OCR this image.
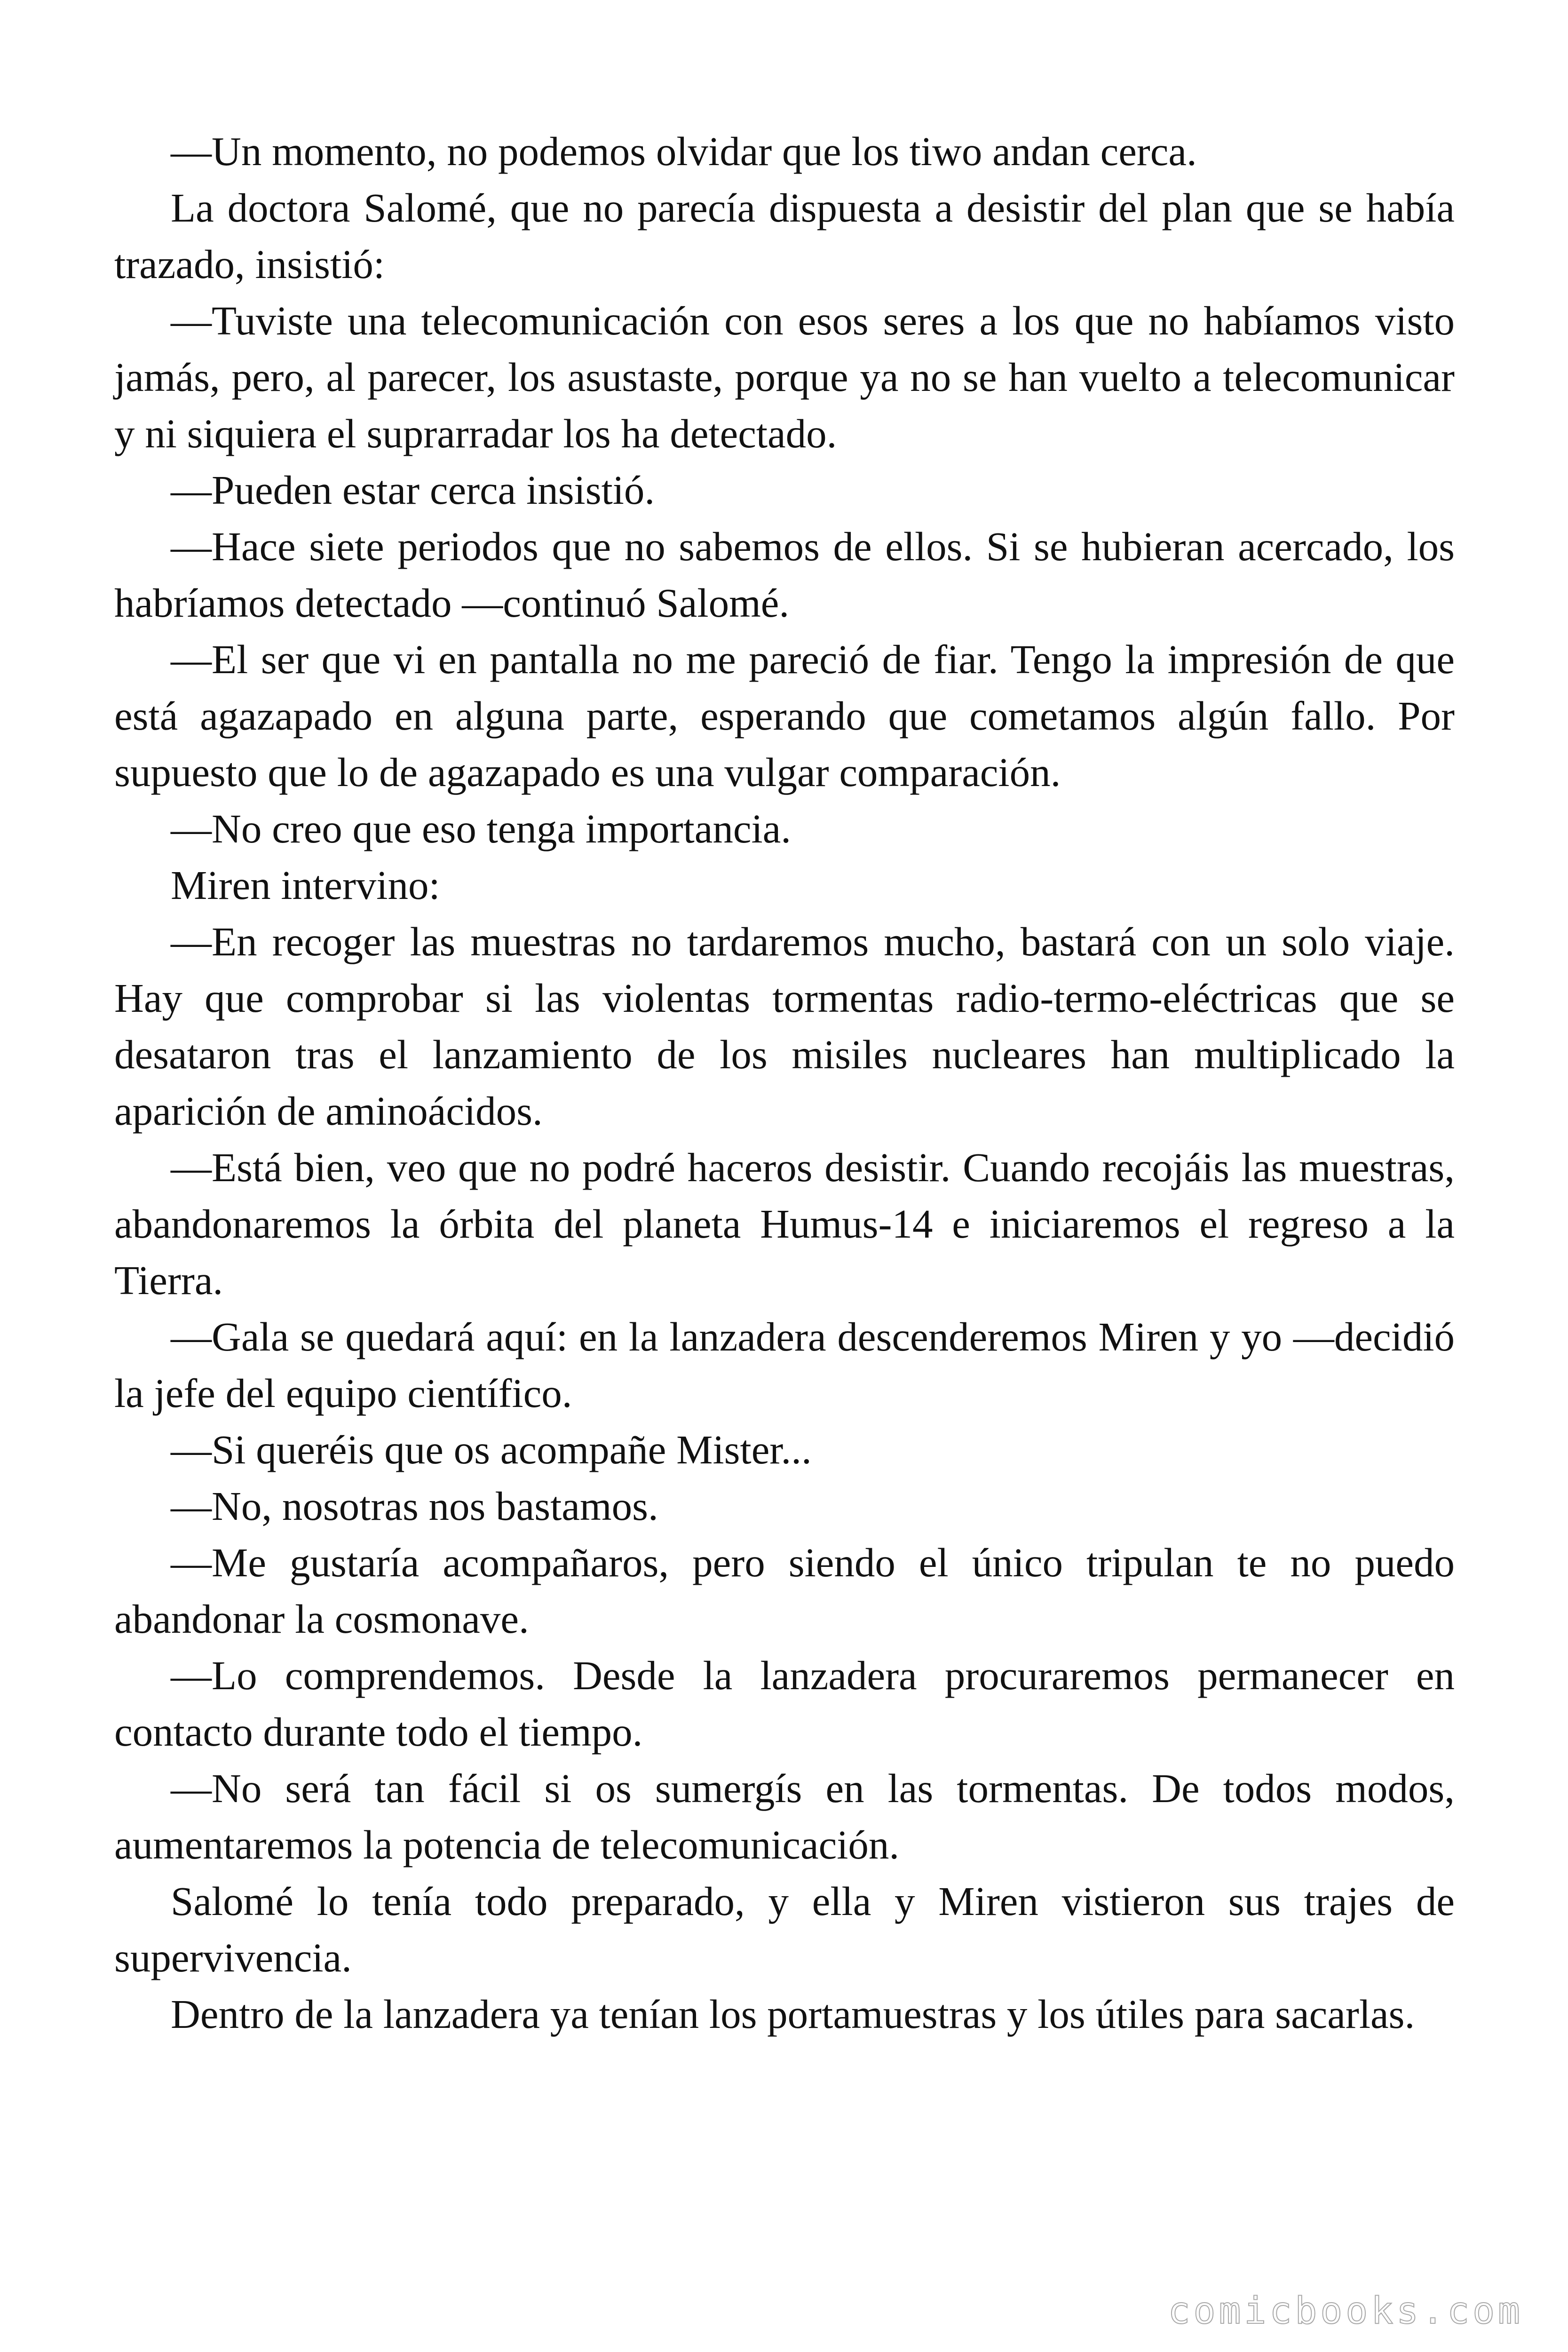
—Un momento, no podemos olvidar que los tiwo andan cerca.

La doctora Salomé, que no parecía dispuesta a desistir del plan que se había trazado, insistió:

—Tuviste una telecomunicación con esos seres a los que no habíamos visto jamás, pero, al parecer, los asustaste, porque ya no se han vuelto a telecomunicar y ni siquiera el suprarradar los ha detectado.

—Pueden estar cerca insistió.

—Hace siete periodos que no sabemos de ellos. Si se hubieran acercado, los habríamos detectado —continuó Salomé.

—El ser que vi en pantalla no me pareció de fiar. Tengo la impresión de que está agazapado en alguna parte, esperando que cometamos algún fallo. Por supuesto que lo de agazapado es una vulgar comparación.

—No creo que eso tenga importancia.

Miren intervino:

—En recoger las muestras no tardaremos mucho, bastará con un solo viaje. Hay que comprobar si las violentas tormentas radio-termo-eléctricas que se desataron tras el lanzamiento de los misiles nucleares han multiplicado la aparición de aminoácidos.

—Está bien, veo que no podré haceros desistir. Cuando recojáis las muestras, abandonaremos la órbita del planeta Humus-14 e iniciaremos el regreso a la Tierra.

—Gala se quedará aquí: en la lanzadera descenderemos Miren y yo —decidió la jefe del equipo científico.

—Si queréis que os acompañe Mister...

—No, nosotras nos bastamos.

—Me gustaría acompañaros, pero siendo el único tripulan te no puedo abandonar la cosmonave.

—Lo comprendemos. Desde la lanzadera procuraremos permanecer en contacto durante todo el tiempo.

—No será tan fácil si os sumergís en las tormentas. De todos modos, aumentaremos la potencia de telecomunicación.

Salomé lo tenía todo preparado, y ella y Miren vistieron sus trajes de supervivencia.

Dentro de la lanzadera ya tenían los portamuestras y los útiles para sacarlas.

comicbooks.com
